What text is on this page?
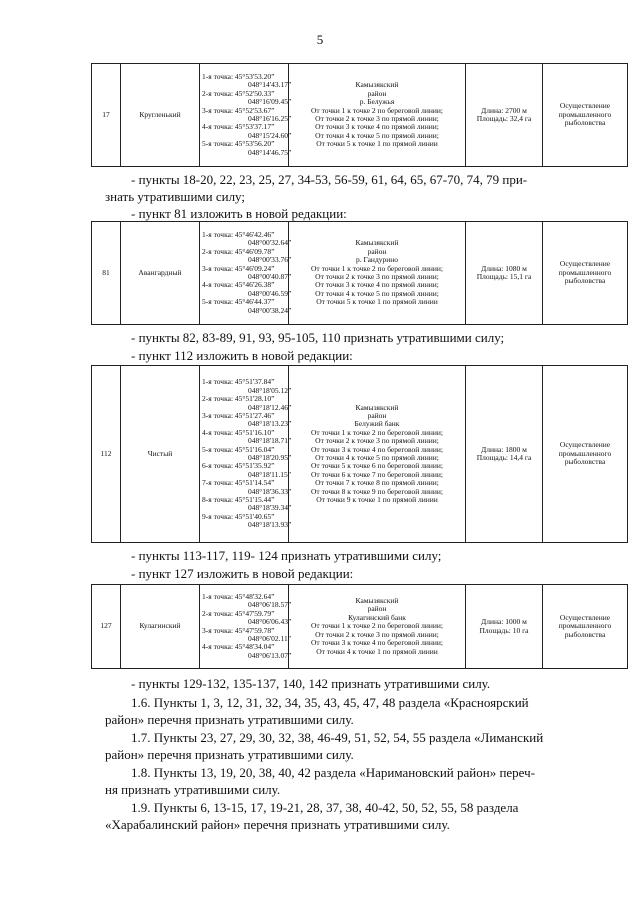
5
17	Кругленький	
1-я точка: 45°53'53.20”
048°14'43.17”
2-я точка: 45°52'50.33”
048°16'09.45”
3-я точка: 45°52'53.67”
048°16'16.25”
4-я точка: 45°53'37.17”
048°15'24.60”
5-я точка: 45°53'56.20”
048°14'46.75”

Камызякский
район
р. Белужья
От точки 1 к точке 2 по береговой линии;
От точки 2 к точке 3 по прямой линии;
От точки 3 к точке 4 по прямой линии;
От точки 4 к точке 5 по прямой линии;
От точки 5 к точке 1 по прямой линии

Длина: 2700 м
Площадь: 32,4 га

Осуществление
промышленного
рыболовства
- пункты 18-20, 22, 23, 25, 27, 34-53, 56-59, 61, 64, 65, 67-70, 74, 79 при-
знать утратившими силу;
- пункт 81 изложить в новой редакции:
81	Авангардный	
1-я точка: 45°46'42.46”
048°00'32.64”
2-я точка: 45°46'09.78”
048°00'33.76”
3-я точка: 45°46'09.24”
048°00'40.87”
4-я точка: 45°46'26.38”
048°00'46.59”
5-я точка: 45°46'44.37”
048°00'38.24”

Камызякский
район
р. Гандурино
От точки 1 к точке 2 по береговой линии;
От точки 2 к точке 3 по прямой линии;
От точки 3 к точке 4 по прямой линии;
От точки 4 к точке 5 по прямой линии;
От точки 5 к точке 1 по прямой линии

Длина: 1080 м
Площадь: 15,1 га

Осуществление
промышленного
рыболовства
- пункты 82, 83-89, 91, 93, 95-105, 110 признать утратившими силу;
- пункт 112 изложить в новой редакции:
112	Чистый	
1-я точка: 45°51'37.84”
048°18'05.12”
2-я точка: 45°51'28.10”
048°18'12.46”
3-я точка: 45°51'27.46”
048°18'13.23”
4-я точка: 45°51'16.10”
048°18'18.71”
5-я точка: 45°51'16.04”
048°18'20.95”
6-я точка: 45°51'35.92”
048°18'11.15”
7-я точка: 45°51'14.54”
048°18'36.33”
8-я точка: 45°51'15.44”
048°18'39.34”
9-я точка: 45°51'40.65”
048°18'13.93”

Камызякский
район
Белужий банк
От точки 1 к точке 2 по береговой линии;
От точки 2 к точке 3 по прямой линии;
От точки 3 к точке 4 по береговой линии;
От точки 4 к точке 5 по прямой линии;
От точки 5 к точке 6 по береговой линии;
От точки 6 к точке 7 по береговой линии;
От точки 7 к точке 8 по прямой линии;
От точки 8 к точке 9 по береговой линии;
От точки 9 к точке 1 по прямой линии

Длина: 1800 м
Площадь: 14,4 га

Осуществление
промышленного
рыболовства
- пункты 113-117, 119- 124 признать утратившими силу;
- пункт 127 изложить в новой редакции:
127	Кулагинский	
1-я точка: 45°48'32.64”
048°06'18.57”
2-я точка: 45°47'59.79”
048°06'06.43”
3-я точка: 45°47'59.78”
048°06'02.11”
4-я точка: 45°48'34.04”
048°06'13.07”

Камызякский
район
Кулагинский банк
От точки 1 к точке 2 по береговой линии;
От точки 2 к точке 3 по прямой линии;
От точки 3 к точке 4 по береговой линии;
От точки 4 к точке 1 по прямой линии

Длина: 1000 м
Площадь: 10 га

Осуществление
промышленного
рыболовства
- пункты 129-132, 135-137, 140, 142 признать утратившими силу.
1.6. Пункты 1, 3, 12, 31, 32, 34, 35, 43, 45, 47, 48 раздела «Красноярский
район» перечня признать утратившими силу.
1.7. Пункты 23, 27, 29, 30, 32, 38, 46-49, 51, 52, 54, 55 раздела «Лиманский
район» перечня признать утратившими силу.
1.8. Пункты 13, 19, 20, 38, 40, 42 раздела «Наримановский район» переч-
ня признать утратившими силу.
1.9. Пункты 6, 13-15, 17, 19-21, 28, 37, 38, 40-42, 50, 52, 55, 58 раздела
«Харабалинский район» перечня признать утратившими силу.
